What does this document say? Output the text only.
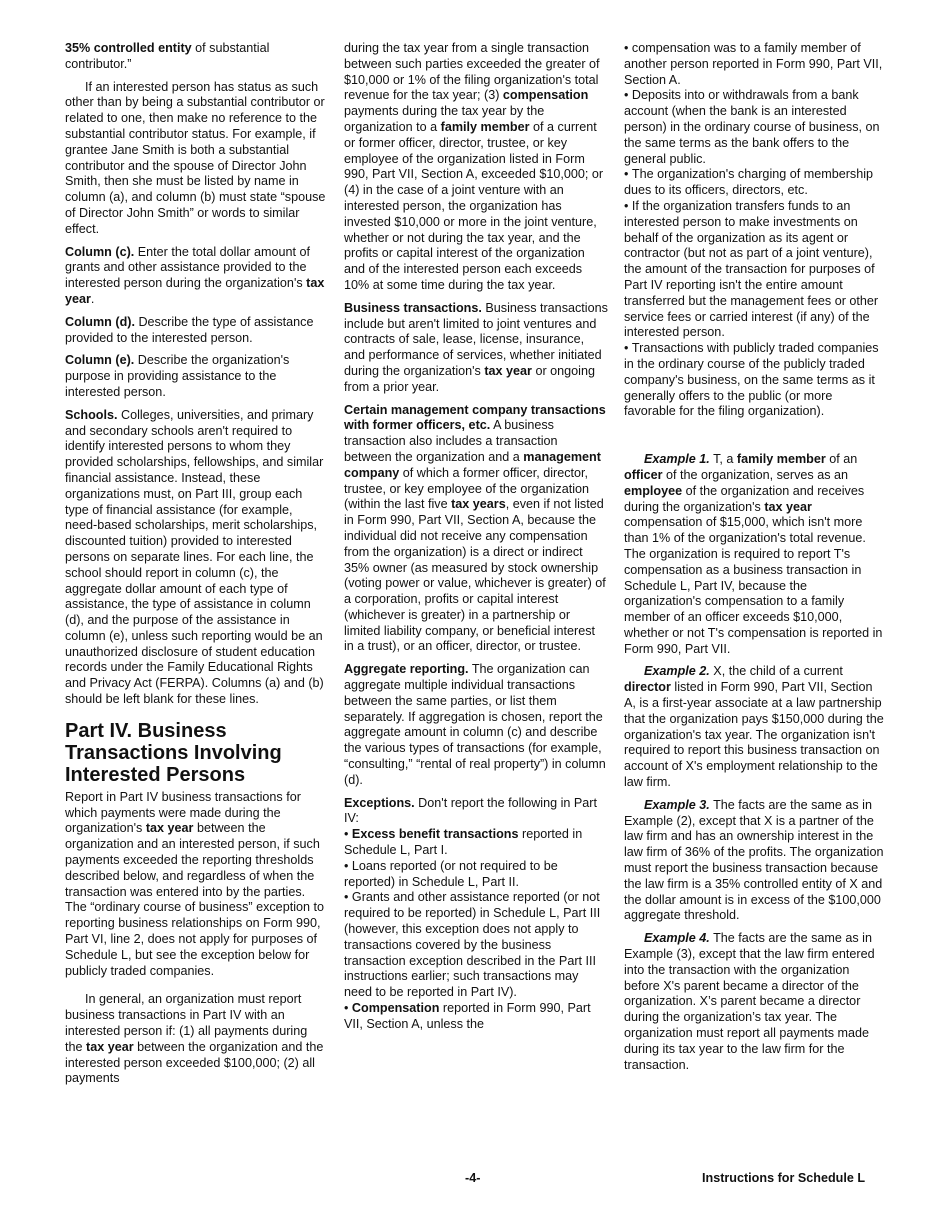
35% controlled entity of substantial contributor.”

If an interested person has status as such other than by being a substantial contributor or related to one, then make no reference to the substantial contributor status. For example, if grantee Jane Smith is both a substantial contributor and the spouse of Director John Smith, then she must be listed by name in column (a), and column (b) must state “spouse of Director John Smith” or words to similar effect.

Column (c). Enter the total dollar amount of grants and other assistance provided to the interested person during the organization's tax year.

Column (d). Describe the type of assistance provided to the interested person.

Column (e). Describe the organization's purpose in providing assistance to the interested person.

Schools. Colleges, universities, and primary and secondary schools aren't required to identify interested persons to whom they provided scholarships, fellowships, and similar financial assistance. Instead, these organizations must, on Part III, group each type of financial assistance (for example, need-based scholarships, merit scholarships, discounted tuition) provided to interested persons on separate lines. For each line, the school should report in column (c), the aggregate dollar amount of each type of assistance, the type of assistance in column (d), and the purpose of the assistance in column (e), unless such reporting would be an unauthorized disclosure of student education records under the Family Educational Rights and Privacy Act (FERPA). Columns (a) and (b) should be left blank for these lines.

Part IV. Business Transactions Involving Interested Persons

Report in Part IV business transactions for which payments were made during the organization's tax year between the organization and an interested person, if such payments exceeded the reporting thresholds described below, and regardless of when the transaction was entered into by the parties. The “ordinary course of business” exception to reporting business relationships on Form 990, Part VI, line 2, does not apply for purposes of Schedule L, but see the exception below for publicly traded companies.

In general, an organization must report business transactions in Part IV with an interested person if: (1) all payments during the tax year between the organization and the interested person exceeded $100,000; (2) all payments

during the tax year from a single transaction between such parties exceeded the greater of $10,000 or 1% of the filing organization's total revenue for the tax year; (3) compensation payments during the tax year by the organization to a family member of a current or former officer, director, trustee, or key employee of the organization listed in Form 990, Part VII, Section A, exceeded $10,000; or (4) in the case of a joint venture with an interested person, the organization has invested $10,000 or more in the joint venture, whether or not during the tax year, and the profits or capital interest of the organization and of the interested person each exceeds 10% at some time during the tax year.

Business transactions. Business transactions include but aren't limited to joint ventures and contracts of sale, lease, license, insurance, and performance of services, whether initiated during the organization's tax year or ongoing from a prior year.

Certain management company transactions with former officers, etc. A business transaction also includes a transaction between the organization and a management company of which a former officer, director, trustee, or key employee of the organization (within the last five tax years, even if not listed in Form 990, Part VII, Section A, because the individual did not receive any compensation from the organization) is a direct or indirect 35% owner (as measured by stock ownership (voting power or value, whichever is greater) of a corporation, profits or capital interest (whichever is greater) in a partnership or limited liability company, or beneficial interest in a trust), or an officer, director, or trustee.

Aggregate reporting. The organization can aggregate multiple individual transactions between the same parties, or list them separately. If aggregation is chosen, report the aggregate amount in column (c) and describe the various types of transactions (for example, “consulting,” “rental of real property”) in column (d).

Exceptions. Don't report the following in Part IV:

• Excess benefit transactions reported in Schedule L, Part I.

• Loans reported (or not required to be reported) in Schedule L, Part II.

• Grants and other assistance reported (or not required to be reported) in Schedule L, Part III (however, this exception does not apply to transactions covered by the business transaction exception described in the Part III instructions earlier; such transactions may need to be reported in Part IV).

• Compensation reported in Form 990, Part VII, Section A, unless the

• compensation was to a family member of another person reported in Form 990, Part VII, Section A.

• Deposits into or withdrawals from a bank account (when the bank is an interested person) in the ordinary course of business, on the same terms as the bank offers to the general public.

• The organization's charging of membership dues to its officers, directors, etc.

• If the organization transfers funds to an interested person to make investments on behalf of the organization as its agent or contractor (but not as part of a joint venture), the amount of the transaction for purposes of Part IV reporting isn't the entire amount transferred but the management fees or other service fees or carried interest (if any) of the interested person.

• Transactions with publicly traded companies in the ordinary course of the publicly traded company's business, on the same terms as it generally offers to the public (or more favorable for the filing organization).

Example 1. T, a family member of an officer of the organization, serves as an employee of the organization and receives during the organization's tax year compensation of $15,000, which isn't more than 1% of the organization's total revenue. The organization is required to report T's compensation as a business transaction in Schedule L, Part IV, because the organization's compensation to a family member of an officer exceeds $10,000, whether or not T's compensation is reported in Form 990, Part VII.

Example 2. X, the child of a current director listed in Form 990, Part VII, Section A, is a first-year associate at a law partnership that the organization pays $150,000 during the organization's tax year. The organization isn't required to report this business transaction on account of X's employment relationship to the law firm.

Example 3. The facts are the same as in Example (2), except that X is a partner of the law firm and has an ownership interest in the law firm of 36% of the profits. The organization must report the business transaction because the law firm is a 35% controlled entity of X and the dollar amount is in excess of the $100,000 aggregate threshold.

Example 4. The facts are the same as in Example (3), except that the law firm entered into the transaction with the organization before X's parent became a director of the organization. X’s parent became a director during the organization’s tax year. The organization must report all payments made during its tax year to the law firm for the transaction.

-4-	Instructions for Schedule L
